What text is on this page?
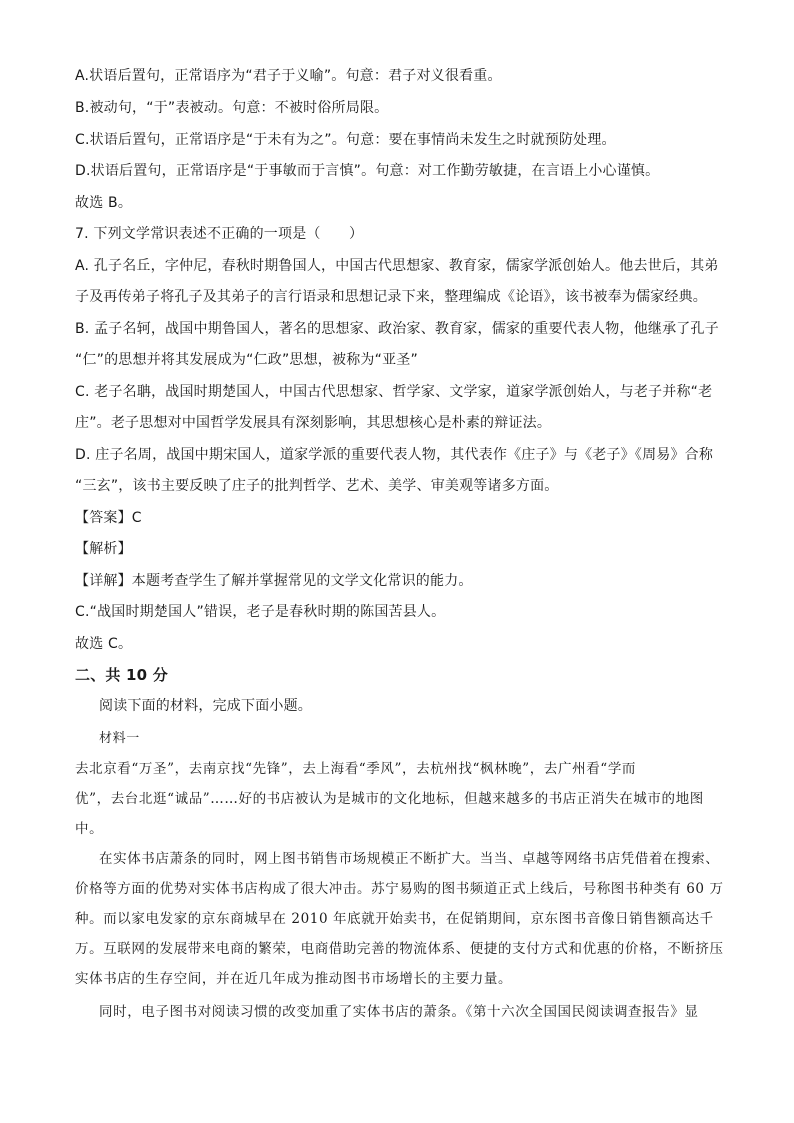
A.状语后置句，正常语序为“君子于义喻”。句意：君子对义很看重。
B.被动句，“于”表被动。句意：不被时俗所局限。
C.状语后置句，正常语序是“于未有为之”。句意：要在事情尚未发生之时就预防处理。
D.状语后置句，正常语序是“于事敏而于言慎”。句意：对工作勤劳敏捷，在言语上小心谨慎。
故选 B。
7. 下列文学常识表述不正确的一项是（　　）
A. 孔子名丘，字仲尼，春秋时期鲁国人，中国古代思想家、教育家，儒家学派创始人。他去世后，其弟
子及再传弟子将孔子及其弟子的言行语录和思想记录下来，整理编成《论语》，该书被奉为儒家经典。
B. 孟子名轲，战国中期鲁国人，著名的思想家、政治家、教育家，儒家的重要代表人物，他继承了孔子
“仁”的思想并将其发展成为“仁政”思想，被称为“亚圣”
C. 老子名聃，战国时期楚国人，中国古代思想家、哲学家、文学家，道家学派创始人，与老子并称“老
庄”。老子思想对中国哲学发展具有深刻影响，其思想核心是朴素的辩证法。
D. 庄子名周，战国中期宋国人，道家学派的重要代表人物，其代表作《庄子》与《老子》《周易》合称
“三玄”，该书主要反映了庄子的批判哲学、艺术、美学、审美观等诸多方面。
【答案】C
【解析】
【详解】本题考查学生了解并掌握常见的文学文化常识的能力。
C.“战国时期楚国人”错误，老子是春秋时期的陈国苦县人。
故选 C。
二、共 10 分
阅读下面的材料，完成下面小题。
材料一
去北京看“万圣”，去南京找“先锋”，去上海看“季风”，去杭州找“枫林晚”，去广州看“学而
优”，去台北逛“诚品”……好的书店被认为是城市的文化地标，但越来越多的书店正消失在城市的地图
中。
在实体书店萧条的同时，网上图书销售市场规模正不断扩大。当当、卓越等网络书店凭借着在搜索、
价格等方面的优势对实体书店构成了很大冲击。苏宁易购的图书频道正式上线后，号称图书种类有 60 万
种。而以家电发家的京东商城早在 2010 年底就开始卖书，在促销期间，京东图书音像日销售额高达千
万。互联网的发展带来电商的繁荣，电商借助完善的物流体系、便捷的支付方式和优惠的价格，不断挤压
实体书店的生存空间，并在近几年成为推动图书市场增长的主要力量。
同时，电子图书对阅读习惯的改变加重了实体书店的萧条。《第十六次全国国民阅读调查报告》显
